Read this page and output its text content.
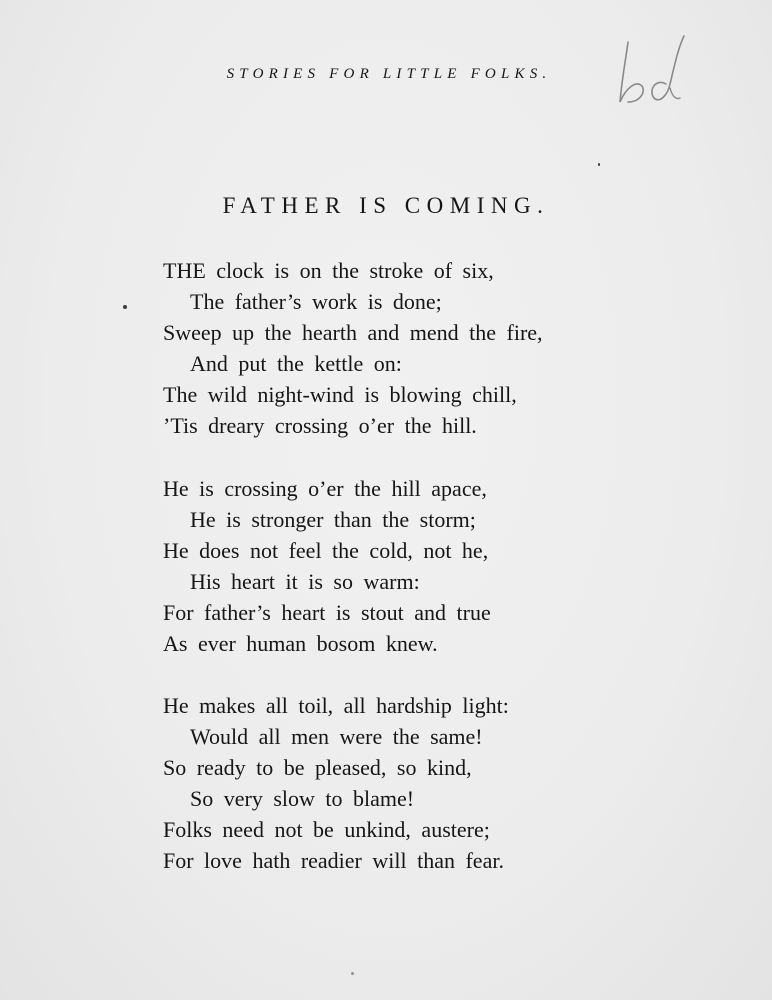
STORIES FOR LITTLE FOLKS.
FATHER IS COMING.
THE clock is on the stroke of six,
The father’s work is done;
Sweep up the hearth and mend the fire,
And put the kettle on:
The wild night-wind is blowing chill,
’Tis dreary crossing o’er the hill.
He is crossing o’er the hill apace,
He is stronger than the storm;
He does not feel the cold, not he,
His heart it is so warm:
For father’s heart is stout and true
As ever human bosom knew.
He makes all toil, all hardship light:
Would all men were the same!
So ready to be pleased, so kind,
So very slow to blame!
Folks need not be unkind, austere;
For love hath readier will than fear.
